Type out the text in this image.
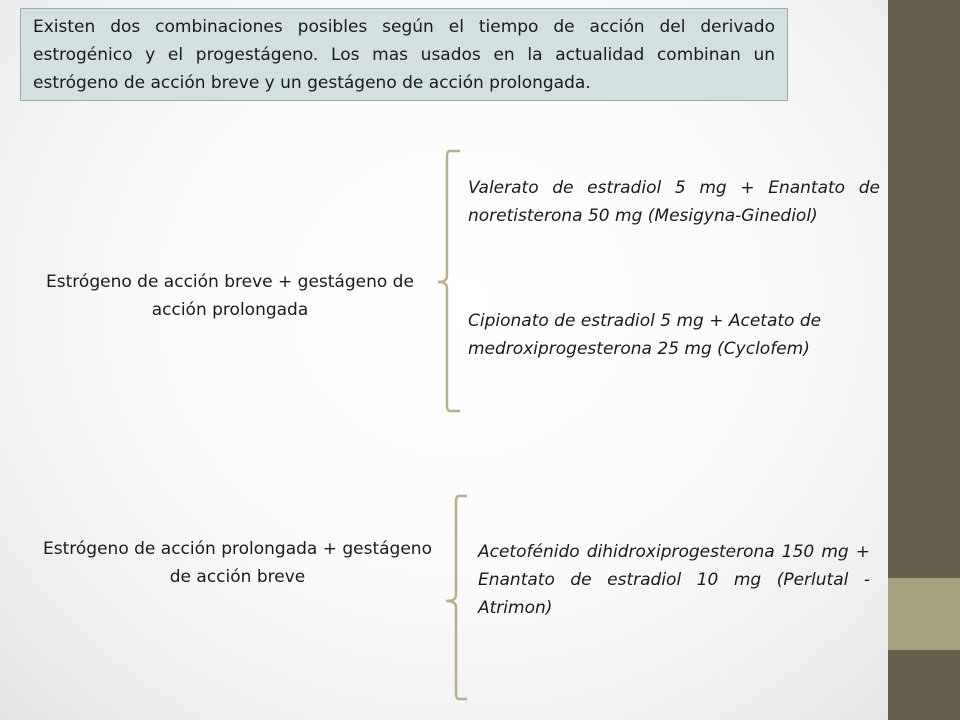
Existen dos combinaciones posibles según el tiempo de acción del derivado estrogénico y el progestágeno. Los mas usados en la actualidad combinan un estrógeno de acción breve y un gestágeno de acción prolongada.

Estrógeno de acción breve + gestágeno de acción prolongada
Valerato de estradiol 5 mg + Enantato de noretisterona 50 mg (Mesigyna-Ginediol)
Cipionato de estradiol 5 mg + Acetato de medroxiprogesterona 25 mg (Cyclofem)
Estrógeno de acción prolongada + gestágeno de acción breve
Acetofénido dihidroxiprogesterona 150 mg + Enantato de estradiol 10 mg (Perlutal - Atrimon)
